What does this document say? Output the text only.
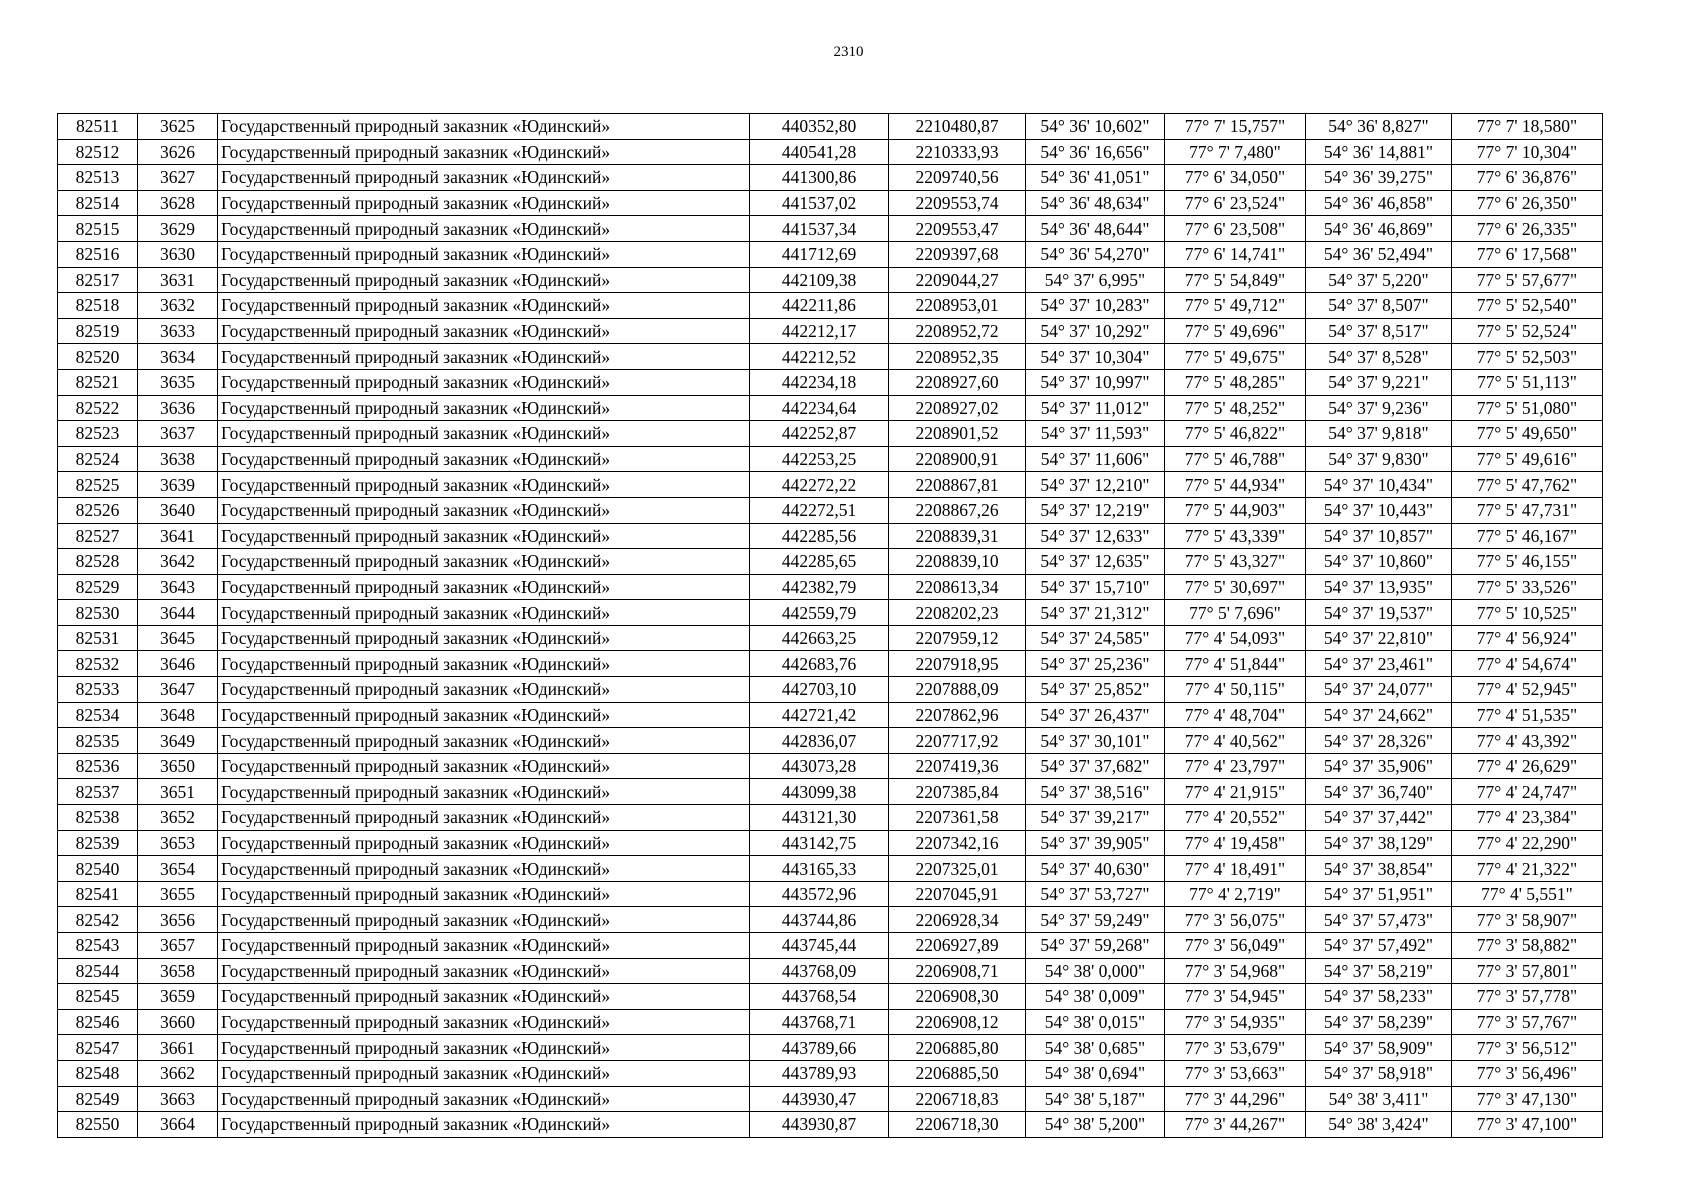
2310
82511	3625	Государственный природный заказник «Юдинский»	440352,80	2210480,87	54° 36' 10,602"	77° 7' 15,757"	54° 36' 8,827"	77° 7' 18,580"
82512	3626	Государственный природный заказник «Юдинский»	440541,28	2210333,93	54° 36' 16,656"	77° 7' 7,480"	54° 36' 14,881"	77° 7' 10,304"
82513	3627	Государственный природный заказник «Юдинский»	441300,86	2209740,56	54° 36' 41,051"	77° 6' 34,050"	54° 36' 39,275"	77° 6' 36,876"
82514	3628	Государственный природный заказник «Юдинский»	441537,02	2209553,74	54° 36' 48,634"	77° 6' 23,524"	54° 36' 46,858"	77° 6' 26,350"
82515	3629	Государственный природный заказник «Юдинский»	441537,34	2209553,47	54° 36' 48,644"	77° 6' 23,508"	54° 36' 46,869"	77° 6' 26,335"
82516	3630	Государственный природный заказник «Юдинский»	441712,69	2209397,68	54° 36' 54,270"	77° 6' 14,741"	54° 36' 52,494"	77° 6' 17,568"
82517	3631	Государственный природный заказник «Юдинский»	442109,38	2209044,27	54° 37' 6,995"	77° 5' 54,849"	54° 37' 5,220"	77° 5' 57,677"
82518	3632	Государственный природный заказник «Юдинский»	442211,86	2208953,01	54° 37' 10,283"	77° 5' 49,712"	54° 37' 8,507"	77° 5' 52,540"
82519	3633	Государственный природный заказник «Юдинский»	442212,17	2208952,72	54° 37' 10,292"	77° 5' 49,696"	54° 37' 8,517"	77° 5' 52,524"
82520	3634	Государственный природный заказник «Юдинский»	442212,52	2208952,35	54° 37' 10,304"	77° 5' 49,675"	54° 37' 8,528"	77° 5' 52,503"
82521	3635	Государственный природный заказник «Юдинский»	442234,18	2208927,60	54° 37' 10,997"	77° 5' 48,285"	54° 37' 9,221"	77° 5' 51,113"
82522	3636	Государственный природный заказник «Юдинский»	442234,64	2208927,02	54° 37' 11,012"	77° 5' 48,252"	54° 37' 9,236"	77° 5' 51,080"
82523	3637	Государственный природный заказник «Юдинский»	442252,87	2208901,52	54° 37' 11,593"	77° 5' 46,822"	54° 37' 9,818"	77° 5' 49,650"
82524	3638	Государственный природный заказник «Юдинский»	442253,25	2208900,91	54° 37' 11,606"	77° 5' 46,788"	54° 37' 9,830"	77° 5' 49,616"
82525	3639	Государственный природный заказник «Юдинский»	442272,22	2208867,81	54° 37' 12,210"	77° 5' 44,934"	54° 37' 10,434"	77° 5' 47,762"
82526	3640	Государственный природный заказник «Юдинский»	442272,51	2208867,26	54° 37' 12,219"	77° 5' 44,903"	54° 37' 10,443"	77° 5' 47,731"
82527	3641	Государственный природный заказник «Юдинский»	442285,56	2208839,31	54° 37' 12,633"	77° 5' 43,339"	54° 37' 10,857"	77° 5' 46,167"
82528	3642	Государственный природный заказник «Юдинский»	442285,65	2208839,10	54° 37' 12,635"	77° 5' 43,327"	54° 37' 10,860"	77° 5' 46,155"
82529	3643	Государственный природный заказник «Юдинский»	442382,79	2208613,34	54° 37' 15,710"	77° 5' 30,697"	54° 37' 13,935"	77° 5' 33,526"
82530	3644	Государственный природный заказник «Юдинский»	442559,79	2208202,23	54° 37' 21,312"	77° 5' 7,696"	54° 37' 19,537"	77° 5' 10,525"
82531	3645	Государственный природный заказник «Юдинский»	442663,25	2207959,12	54° 37' 24,585"	77° 4' 54,093"	54° 37' 22,810"	77° 4' 56,924"
82532	3646	Государственный природный заказник «Юдинский»	442683,76	2207918,95	54° 37' 25,236"	77° 4' 51,844"	54° 37' 23,461"	77° 4' 54,674"
82533	3647	Государственный природный заказник «Юдинский»	442703,10	2207888,09	54° 37' 25,852"	77° 4' 50,115"	54° 37' 24,077"	77° 4' 52,945"
82534	3648	Государственный природный заказник «Юдинский»	442721,42	2207862,96	54° 37' 26,437"	77° 4' 48,704"	54° 37' 24,662"	77° 4' 51,535"
82535	3649	Государственный природный заказник «Юдинский»	442836,07	2207717,92	54° 37' 30,101"	77° 4' 40,562"	54° 37' 28,326"	77° 4' 43,392"
82536	3650	Государственный природный заказник «Юдинский»	443073,28	2207419,36	54° 37' 37,682"	77° 4' 23,797"	54° 37' 35,906"	77° 4' 26,629"
82537	3651	Государственный природный заказник «Юдинский»	443099,38	2207385,84	54° 37' 38,516"	77° 4' 21,915"	54° 37' 36,740"	77° 4' 24,747"
82538	3652	Государственный природный заказник «Юдинский»	443121,30	2207361,58	54° 37' 39,217"	77° 4' 20,552"	54° 37' 37,442"	77° 4' 23,384"
82539	3653	Государственный природный заказник «Юдинский»	443142,75	2207342,16	54° 37' 39,905"	77° 4' 19,458"	54° 37' 38,129"	77° 4' 22,290"
82540	3654	Государственный природный заказник «Юдинский»	443165,33	2207325,01	54° 37' 40,630"	77° 4' 18,491"	54° 37' 38,854"	77° 4' 21,322"
82541	3655	Государственный природный заказник «Юдинский»	443572,96	2207045,91	54° 37' 53,727"	77° 4' 2,719"	54° 37' 51,951"	77° 4' 5,551"
82542	3656	Государственный природный заказник «Юдинский»	443744,86	2206928,34	54° 37' 59,249"	77° 3' 56,075"	54° 37' 57,473"	77° 3' 58,907"
82543	3657	Государственный природный заказник «Юдинский»	443745,44	2206927,89	54° 37' 59,268"	77° 3' 56,049"	54° 37' 57,492"	77° 3' 58,882"
82544	3658	Государственный природный заказник «Юдинский»	443768,09	2206908,71	54° 38' 0,000"	77° 3' 54,968"	54° 37' 58,219"	77° 3' 57,801"
82545	3659	Государственный природный заказник «Юдинский»	443768,54	2206908,30	54° 38' 0,009"	77° 3' 54,945"	54° 37' 58,233"	77° 3' 57,778"
82546	3660	Государственный природный заказник «Юдинский»	443768,71	2206908,12	54° 38' 0,015"	77° 3' 54,935"	54° 37' 58,239"	77° 3' 57,767"
82547	3661	Государственный природный заказник «Юдинский»	443789,66	2206885,80	54° 38' 0,685"	77° 3' 53,679"	54° 37' 58,909"	77° 3' 56,512"
82548	3662	Государственный природный заказник «Юдинский»	443789,93	2206885,50	54° 38' 0,694"	77° 3' 53,663"	54° 37' 58,918"	77° 3' 56,496"
82549	3663	Государственный природный заказник «Юдинский»	443930,47	2206718,83	54° 38' 5,187"	77° 3' 44,296"	54° 38' 3,411"	77° 3' 47,130"
82550	3664	Государственный природный заказник «Юдинский»	443930,87	2206718,30	54° 38' 5,200"	77° 3' 44,267"	54° 38' 3,424"	77° 3' 47,100"
